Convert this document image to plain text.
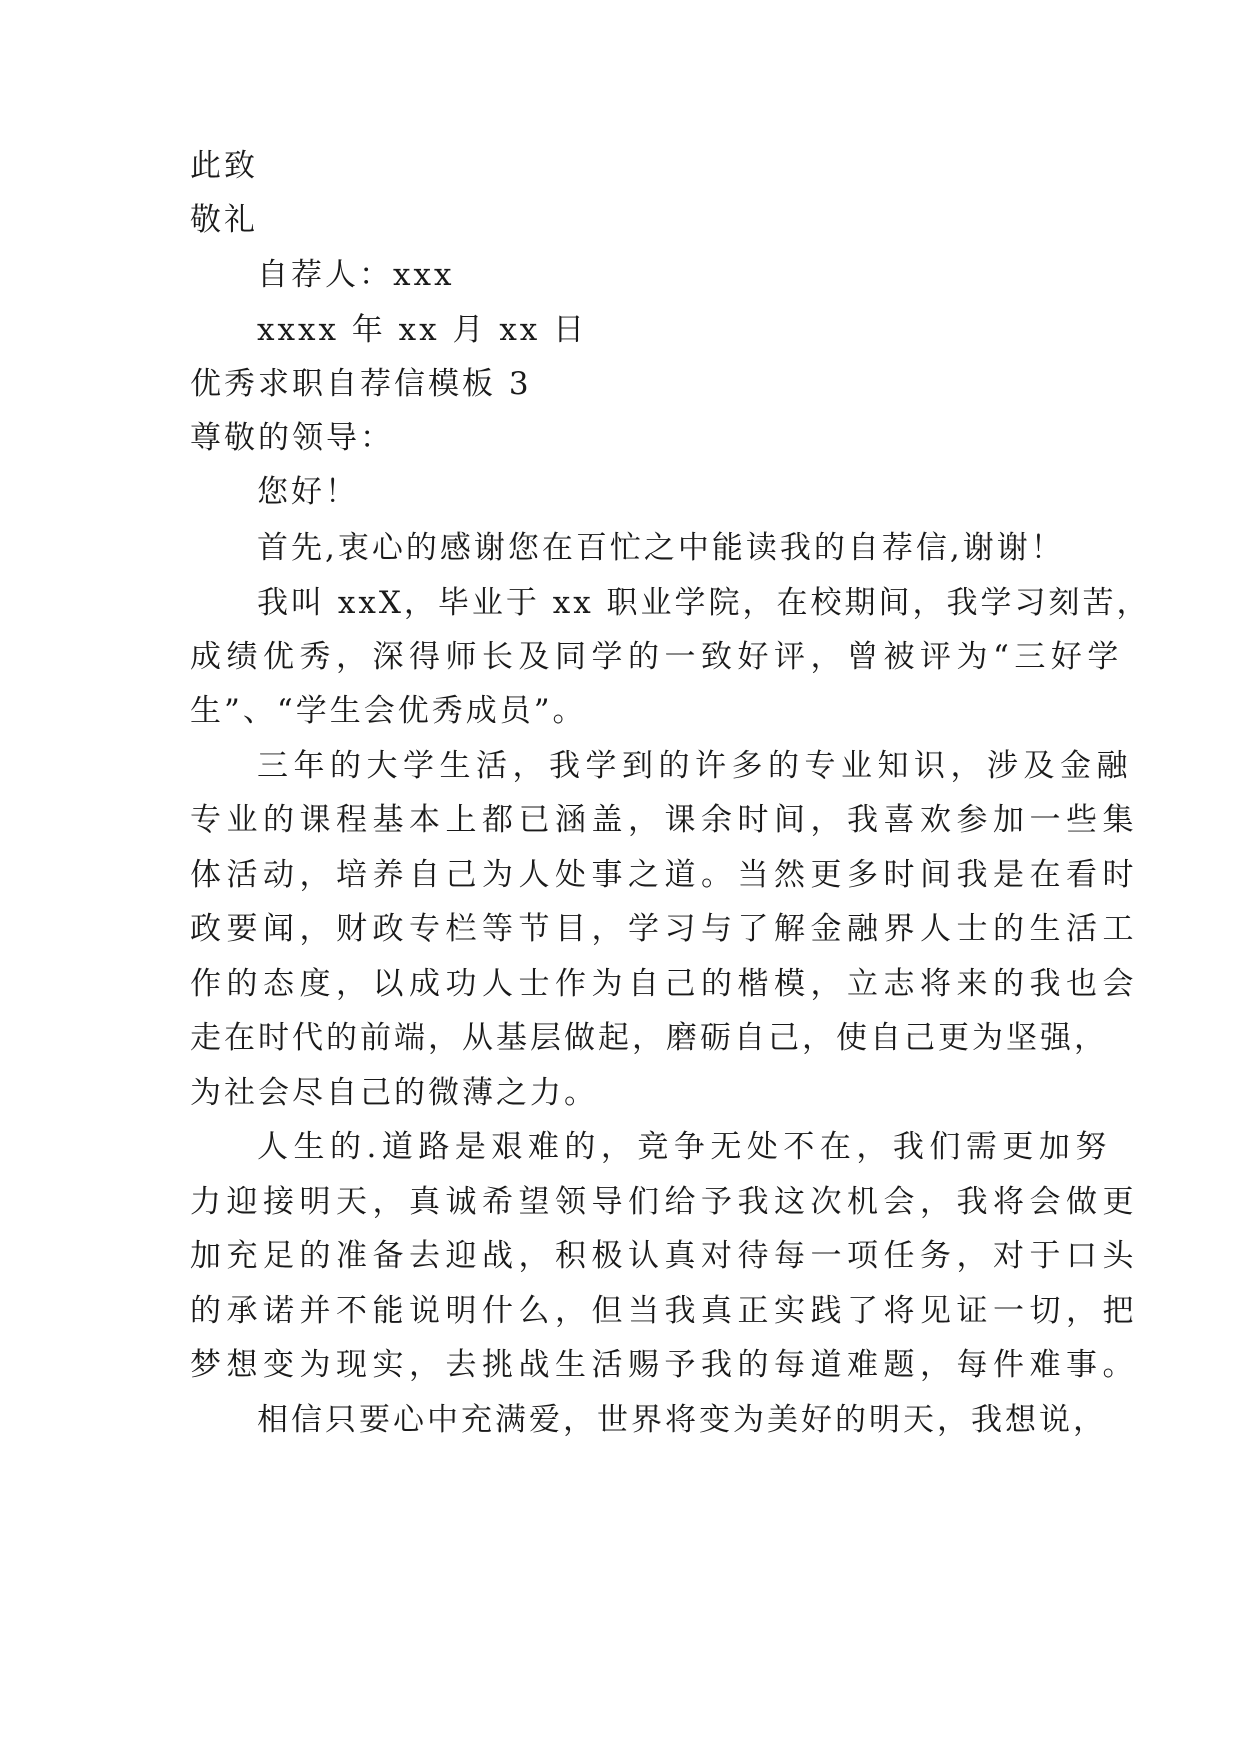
此致
敬礼
自荐人：xxx
xxxx 年 xx 月 xx 日
优秀求职自荐信模板 3
尊敬的领导：
您好！
首先,衷心的感谢您在百忙之中能读我的自荐信,谢谢！
我叫 xxX，毕业于 xx 职业学院，在校期间，我学习刻苦，
成绩优秀，深得师长及同学的一致好评，曾被评为“三好学
生”、“学生会优秀成员”。
三年的大学生活，我学到的许多的专业知识，涉及金融
专业的课程基本上都已涵盖，课余时间，我喜欢参加一些集
体活动，培养自己为人处事之道。当然更多时间我是在看时
政要闻，财政专栏等节目，学习与了解金融界人士的生活工
作的态度，以成功人士作为自己的楷模，立志将来的我也会
走在时代的前端，从基层做起，磨砺自己，使自己更为坚强，
为社会尽自己的微薄之力。
人生的.道路是艰难的，竞争无处不在，我们需更加努
力迎接明天，真诚希望领导们给予我这次机会，我将会做更
加充足的准备去迎战，积极认真对待每一项任务，对于口头
的承诺并不能说明什么，但当我真正实践了将见证一切，把
梦想变为现实，去挑战生活赐予我的每道难题，每件难事。
相信只要心中充满爱，世界将变为美好的明天，我想说，
